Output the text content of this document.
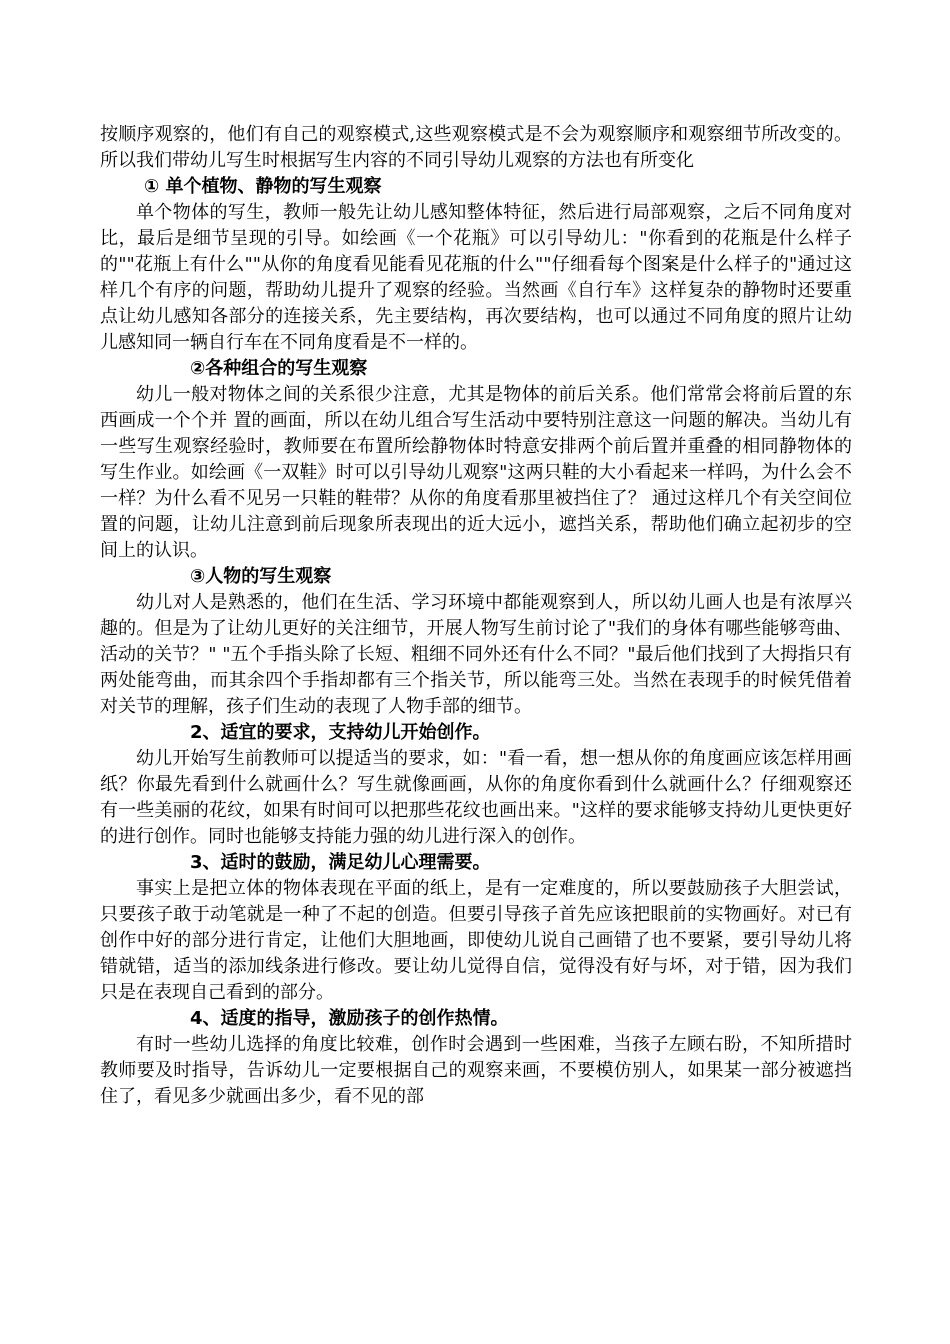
按顺序观察的，他们有自己的观察模式,这些观察模式是不会为观察顺序和观察细节所改变的。所以我们带幼儿写生时根据写生内容的不同引导幼儿观察的方法也有所变化

① 单个植物、静物的写生观察

单个物体的写生，教师一般先让幼儿感知整体特征，然后进行局部观察，之后不同角度对比，最后是细节呈现的引导。如绘画《一个花瓶》可以引导幼儿："你看到的花瓶是什么样子的""花瓶上有什么""从你的角度看见能看见花瓶的什么""仔细看每个图案是什么样子的"通过这样几个有序的问题，帮助幼儿提升了观察的经验。当然画《自行车》这样复杂的静物时还要重点让幼儿感知各部分的连接关系，先主要结构，再次要结构，也可以通过不同角度的照片让幼儿感知同一辆自行车在不同角度看是不一样的。

②各种组合的写生观察

幼儿一般对物体之间的关系很少注意，尤其是物体的前后关系。他们常常会将前后置的东西画成一个个并 置的画面，所以在幼儿组合写生活动中要特别注意这一问题的解决。当幼儿有一些写生观察经验时，教师要在布置所绘静物体时特意安排两个前后置并重叠的相同静物体的写生作业。如绘画《一双鞋》时可以引导幼儿观察"这两只鞋的大小看起来一样吗，为什么会不一样？为什么看不见另一只鞋的鞋带？从你的角度看那里被挡住了？ 通过这样几个有关空间位置的问题，让幼儿注意到前后现象所表现出的近大远小，遮挡关系，帮助他们确立起初步的空间上的认识。

③人物的写生观察

幼儿对人是熟悉的，他们在生活、学习环境中都能观察到人，所以幼儿画人也是有浓厚兴趣的。但是为了让幼儿更好的关注细节，开展人物写生前讨论了"我们的身体有哪些能够弯曲、活动的关节？" "五个手指头除了长短、粗细不同外还有什么不同？"最后他们找到了大拇指只有两处能弯曲，而其余四个手指却都有三个指关节，所以能弯三处。当然在表现手的时候凭借着对关节的理解，孩子们生动的表现了人物手部的细节。

2、适宜的要求，支持幼儿开始创作。

幼儿开始写生前教师可以提适当的要求，如："看一看，想一想从你的角度画应该怎样用画纸？你最先看到什么就画什么？写生就像画画，从你的角度你看到什么就画什么？仔细观察还有一些美丽的花纹，如果有时间可以把那些花纹也画出来。"这样的要求能够支持幼儿更快更好的进行创作。同时也能够支持能力强的幼儿进行深入的创作。

3、适时的鼓励，满足幼儿心理需要。

事实上是把立体的物体表现在平面的纸上，是有一定难度的，所以要鼓励孩子大胆尝试，只要孩子敢于动笔就是一种了不起的创造。但要引导孩子首先应该把眼前的实物画好。对已有创作中好的部分进行肯定，让他们大胆地画，即使幼儿说自己画错了也不要紧，要引导幼儿将错就错，适当的添加线条进行修改。要让幼儿觉得自信，觉得没有好与坏，对于错，因为我们只是在表现自己看到的部分。

4、适度的指导，激励孩子的创作热情。

有时一些幼儿选择的角度比较难，创作时会遇到一些困难，当孩子左顾右盼，不知所措时教师要及时指导，告诉幼儿一定要根据自己的观察来画，不要模仿别人，如果某一部分被遮挡住了，看见多少就画出多少，看不见的部
